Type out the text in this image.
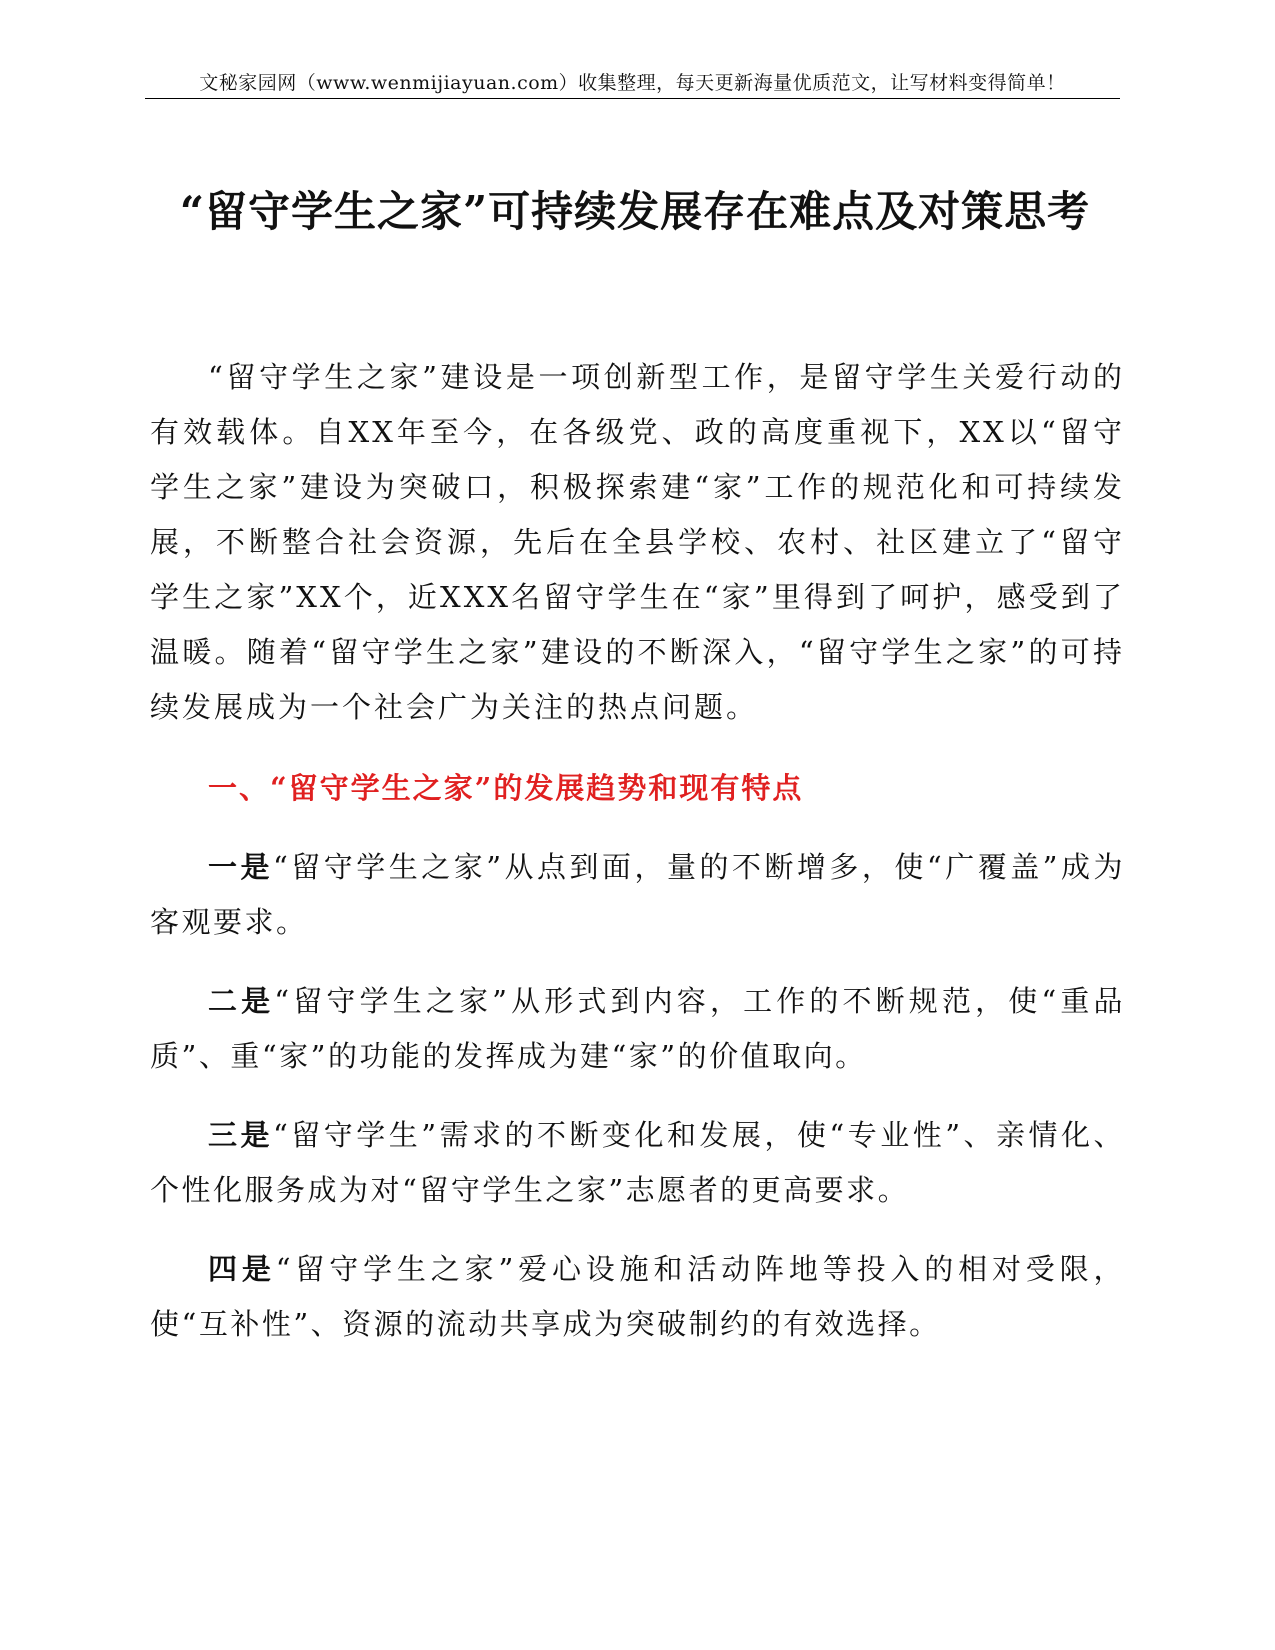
文秘家园网（www.wenmijiayuan.com）收集整理，每天更新海量优质范文，让写材料变得简单！
“留守学生之家”可持续发展存在难点及对策思考

“留守学生之家”建设是一项创新型工作，是留守学生关爱行动的有效载体。自XX年至今，在各级党、政的高度重视下，XX以“留守学生之家”建设为突破口，积极探索建“家”工作的规范化和可持续发展，不断整合社会资源，先后在全县学校、农村、社区建立了“留守学生之家”XX个，近XXX名留守学生在“家”里得到了呵护，感受到了温暖。随着“留守学生之家”建设的不断深入，“留守学生之家”的可持续发展成为一个社会广为关注的热点问题。

一、“留守学生之家”的发展趋势和现有特点

一是“留守学生之家”从点到面，量的不断增多，使“广覆盖”成为客观要求。

二是“留守学生之家”从形式到内容，工作的不断规范，使“重品质”、重“家”的功能的发挥成为建“家”的价值取向。

三是“留守学生”需求的不断变化和发展，使“专业性”、亲情化、个性化服务成为对“留守学生之家”志愿者的更高要求。

四是“留守学生之家”爱心设施和活动阵地等投入的相对受限，使“互补性”、资源的流动共享成为突破制约的有效选择。
